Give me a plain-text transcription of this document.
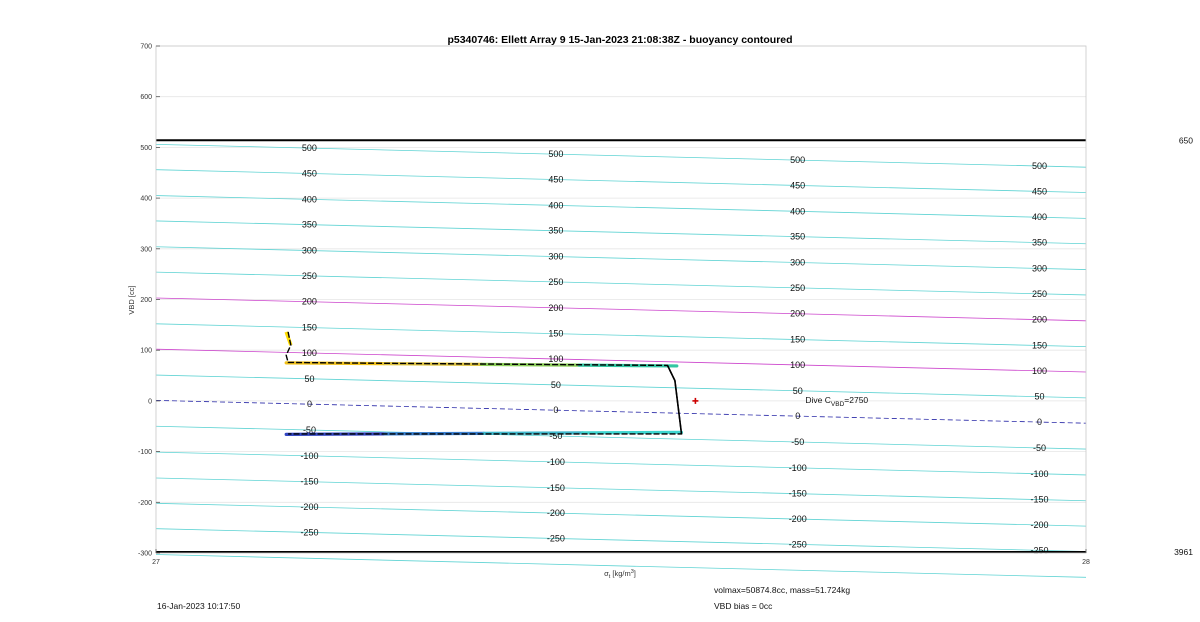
p5340746: Ellett Array 9 15-Jan-2023 21:08:38Z - buoyancy contoured
500
450
400
350
300
250
200
150
100
50
0
-50
-100
-150
-200
-250
500
450
400
350
300
250
200
150
100
50
0
-50
-100
-150
-200
-250
500
450
400
350
300
250
200
150
100
50
0
-50
-100
-150
-200
-250
500
450
400
350
300
250
200
150
100
50
0
-50
-100
-150
-200
-250
700
600
500
400
300
200
100
0
-100
-200
-300
27	28
650
3961
VBD [cc]
$\sigma_t$ $[kg/m^3]$
Dive $C_{VBD}=2750$
16-Jan-2023 10:17:50
volmax=50874.8cc, mass=51.724kg
VBD bias = 0cc
